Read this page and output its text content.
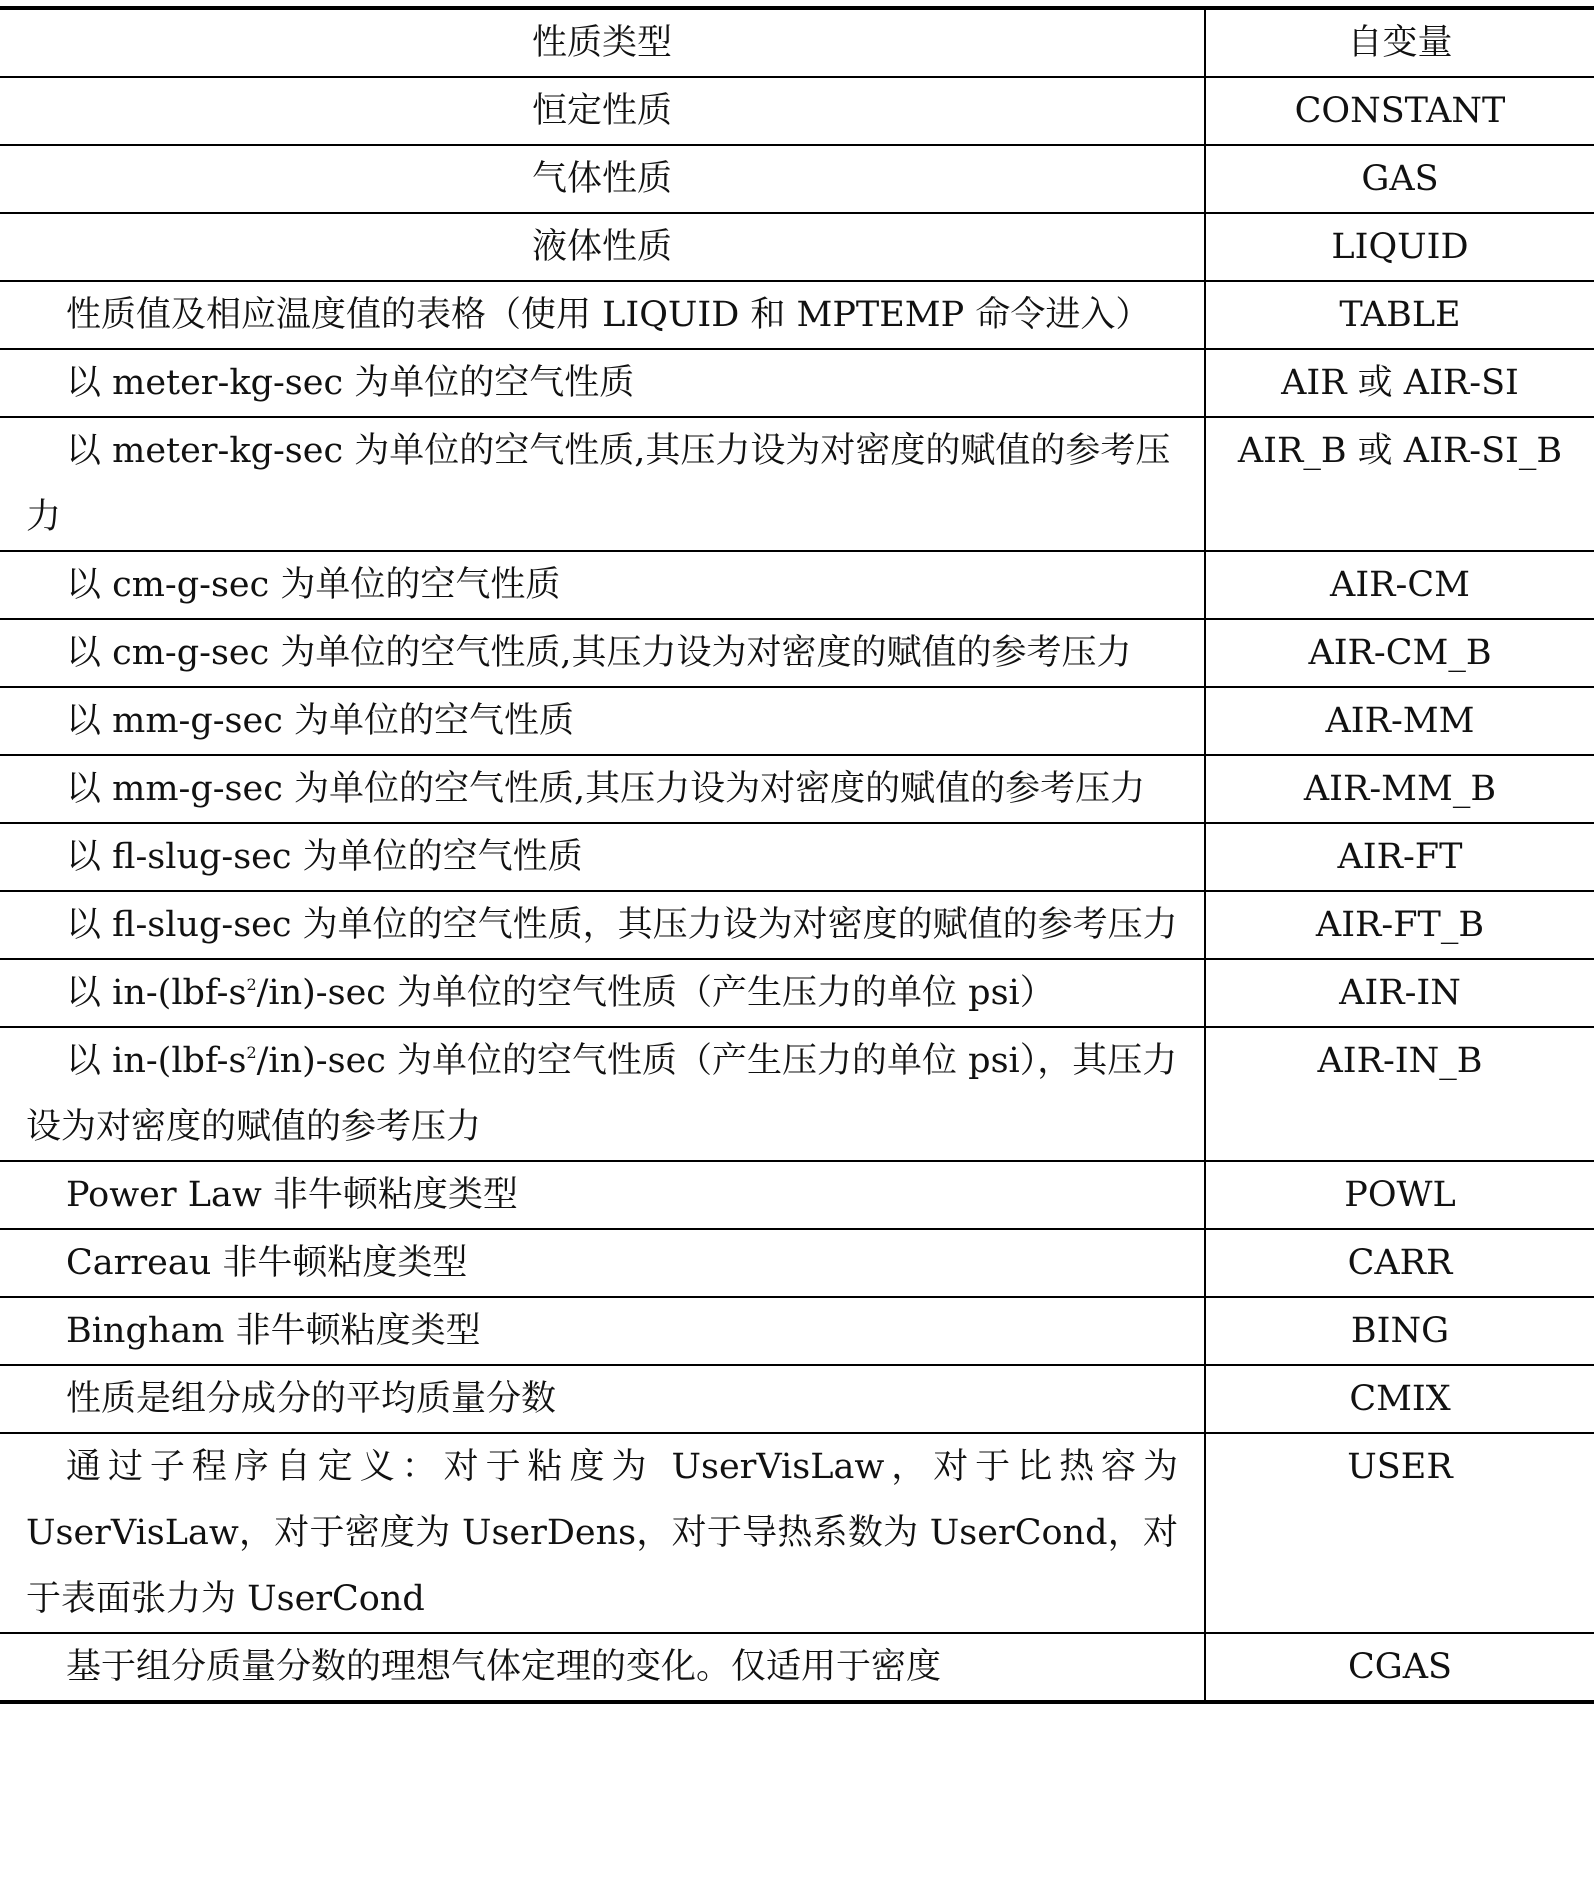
性质类型	自变量
恒定性质	CONSTANT
气体性质	GAS
液体性质	LIQUID
性质值及相应温度值的表格（使用 LIQUID 和 MPTEMP 命令进入）	TABLE
以 meter-kg-sec 为单位的空气性质	AIR 或 AIR-SI
以 meter-kg-sec 为单位的空气性质,其压力设为对密度的赋值的参考压力	AIR_B 或 AIR-SI_B
以 cm-g-sec 为单位的空气性质	AIR-CM
以 cm-g-sec 为单位的空气性质,其压力设为对密度的赋值的参考压力	AIR-CM_B
以 mm-g-sec 为单位的空气性质	AIR-MM
以 mm-g-sec 为单位的空气性质,其压力设为对密度的赋值的参考压力	AIR-MM_B
以 fl-slug-sec 为单位的空气性质	AIR-FT
以 fl-slug-sec 为单位的空气性质，其压力设为对密度的赋值的参考压力	AIR-FT_B
以 $in-(lbf-s^2/in)-\sec$ 为单位的空气性质（产生压力的单位 psi）	AIR-IN
以 $in-(lbf-s^2/in)-\sec$ 为单位的空气性质（产生压力的单位 psi），其压力设为对密度的赋值的参考压力	AIR-IN_B
Power Law 非牛顿粘度类型	POWL
Carreau 非牛顿粘度类型	CARR
Bingham 非牛顿粘度类型	BING
性质是组分成分的平均质量分数	CMIX
通过子程序自定义：对于粘度为 UserVisLaw，对于比热容为 UserVisLaw，对于密度为 UserDens，对于导热系数为 UserCond，对于表面张力为 UserCond	USER
基于组分质量分数的理想气体定理的变化。仅适用于密度	CGAS
